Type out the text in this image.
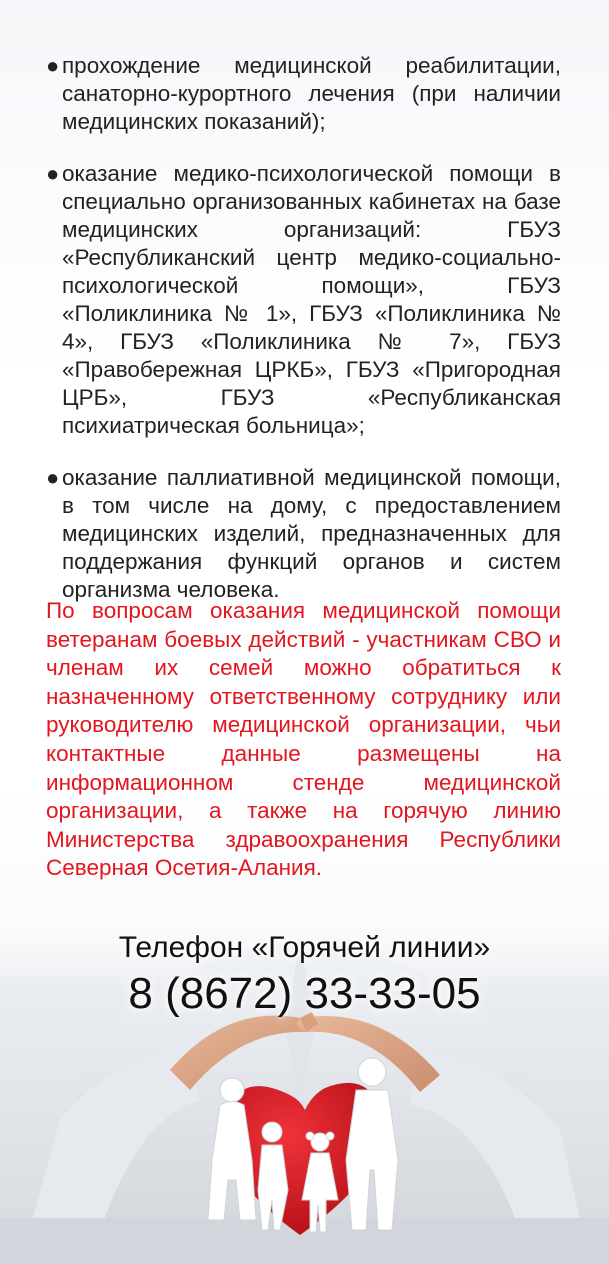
● прохождение медицинской реабилитации, санаторно-курортного лечения (при наличии медицинских показаний);
● оказание медико-психологической помощи в специально организованных кабинетах на базе медицинских организаций: ГБУЗ «Республиканский центр медико-социально-психологической помощи», ГБУЗ «Поликлиника № 1», ГБУЗ «Поликлиника № 4», ГБУЗ «Поликлиника № 7», ГБУЗ «Правобережная ЦРКБ», ГБУЗ «Пригородная ЦРБ», ГБУЗ «Республиканская психиатрическая больница»;
● оказание паллиативной медицинской помощи, в том числе на дому, с предоставлением медицинских изделий, предназначенных для поддержания функций органов и систем организма человека.

По вопросам оказания медицинской помощи ветеранам боевых действий - участникам СВО и членам их семей можно обратиться к назначенному ответственному сотруднику или руководителю медицинской организации, чьи контактные данные размещены на информационном стенде медицинской организации, а также на горячую линию Министерства здравоохранения Республики Северная Осетия-Алания.

Телефон «Горячей линии»
8 (8672) 33-33-05
